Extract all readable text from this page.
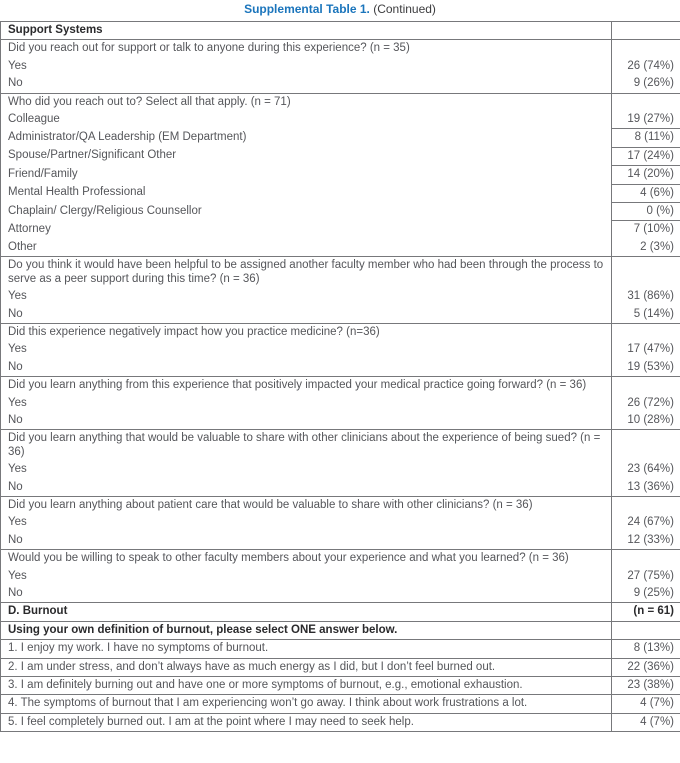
Supplemental Table 1. (Continued)
Support Systems	
Did you reach out for support or talk to anyone during this experience? (n = 35)	
Yes	26 (74%)
No	9 (26%)
Who did you reach out to? Select all that apply. (n = 71)	
Colleague	19 (27%)
Administrator/QA Leadership (EM Department)	8 (11%)
Spouse/Partner/Significant Other	17 (24%)
Friend/Family	14 (20%)
Mental Health Professional	4 (6%)
Chaplain/ Clergy/Religious Counsellor	0 (%)
Attorney	7 (10%)
Other	2 (3%)
Do you think it would have been helpful to be assigned another faculty member who had been through the process to serve as a peer support during this time? (n = 36)	
Yes	31 (86%)
No	5 (14%)
Did this experience negatively impact how you practice medicine? (n=36)	
Yes	17 (47%)
No	19 (53%)
Did you learn anything from this experience that positively impacted your medical practice going forward? (n = 36)	
Yes	26 (72%)
No	10 (28%)
Did you learn anything that would be valuable to share with other clinicians about the experience of being sued? (n = 36)	
Yes	23 (64%)
No	13 (36%)
Did you learn anything about patient care that would be valuable to share with other clinicians? (n = 36)	
Yes	24 (67%)
No	12 (33%)
Would you be willing to speak to other faculty members about your experience and what you learned? (n = 36)	
Yes	27 (75%)
No	9 (25%)
D. Burnout	(n = 61)
Using your own definition of burnout, please select ONE answer below.	
1. I enjoy my work. I have no symptoms of burnout.	8 (13%)
2. I am under stress, and don’t always have as much energy as I did, but I don’t feel burned out.	22 (36%)
3. I am definitely burning out and have one or more symptoms of burnout, e.g., emotional exhaustion.	23 (38%)
4. The symptoms of burnout that I am experiencing won’t go away. I think about work frustrations a lot.	4 (7%)
5. I feel completely burned out. I am at the point where I may need to seek help.	4 (7%)
